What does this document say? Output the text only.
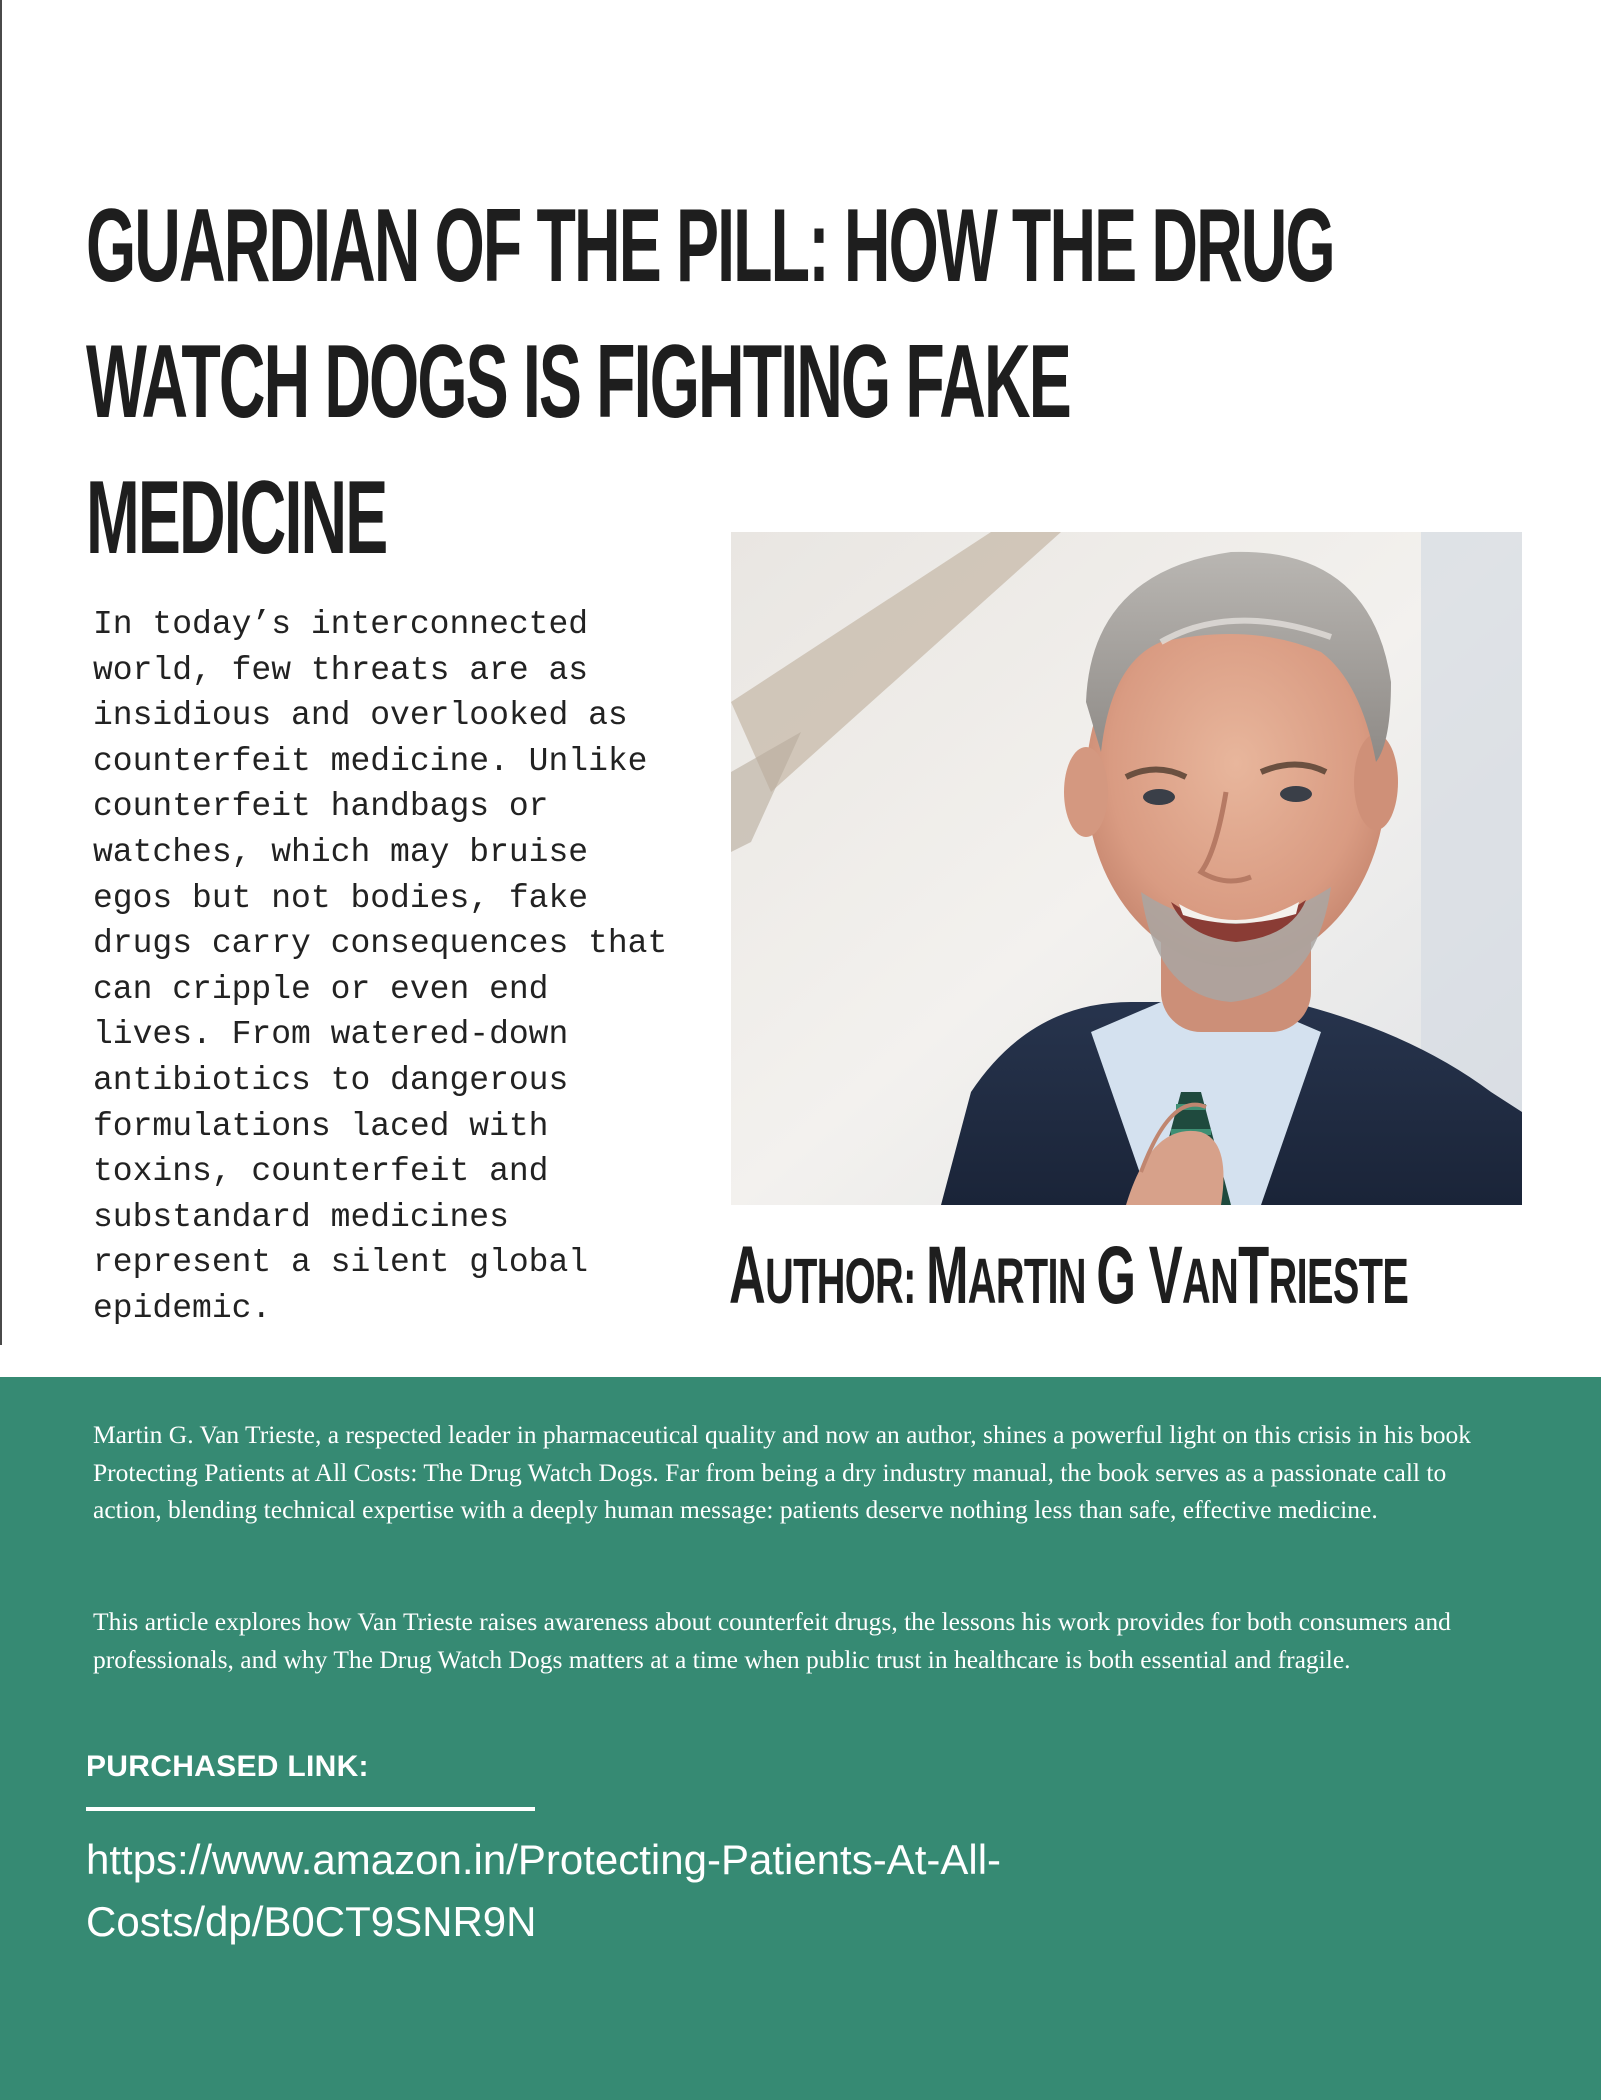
GUARDIAN OF THE PILL: HOW THE DRUG
WATCH DOGS IS FIGHTING FAKE
MEDICINE

In today’s interconnected
world, few threats are as
insidious and overlooked as
counterfeit medicine. Unlike
counterfeit handbags or
watches, which may bruise
egos but not bodies, fake
drugs carry consequences that
can cripple or even end
lives. From watered-down
antibiotics to dangerous
formulations laced with
toxins, counterfeit and
substandard medicines
represent a silent global
epidemic.	AUTHOR: MARTIN G VANTRIESTE

Martin G. Van Trieste, a respected leader in pharmaceutical quality and now an author, shines a powerful light on this crisis in his book Protecting Patients at All Costs: The Drug Watch Dogs. Far from being a dry industry manual, the book serves as a passionate call to action, blending technical expertise with a deeply human message: patients deserve nothing less than safe, effective medicine.

This article explores how Van Trieste raises awareness about counterfeit drugs, the lessons his work provides for both consumers and professionals, and why The Drug Watch Dogs matters at a time when public trust in healthcare is both essential and fragile.

PURCHASED LINK:
https://www.amazon.in/Protecting-Patients-At-All-
Costs/dp/B0CT9SNR9N
